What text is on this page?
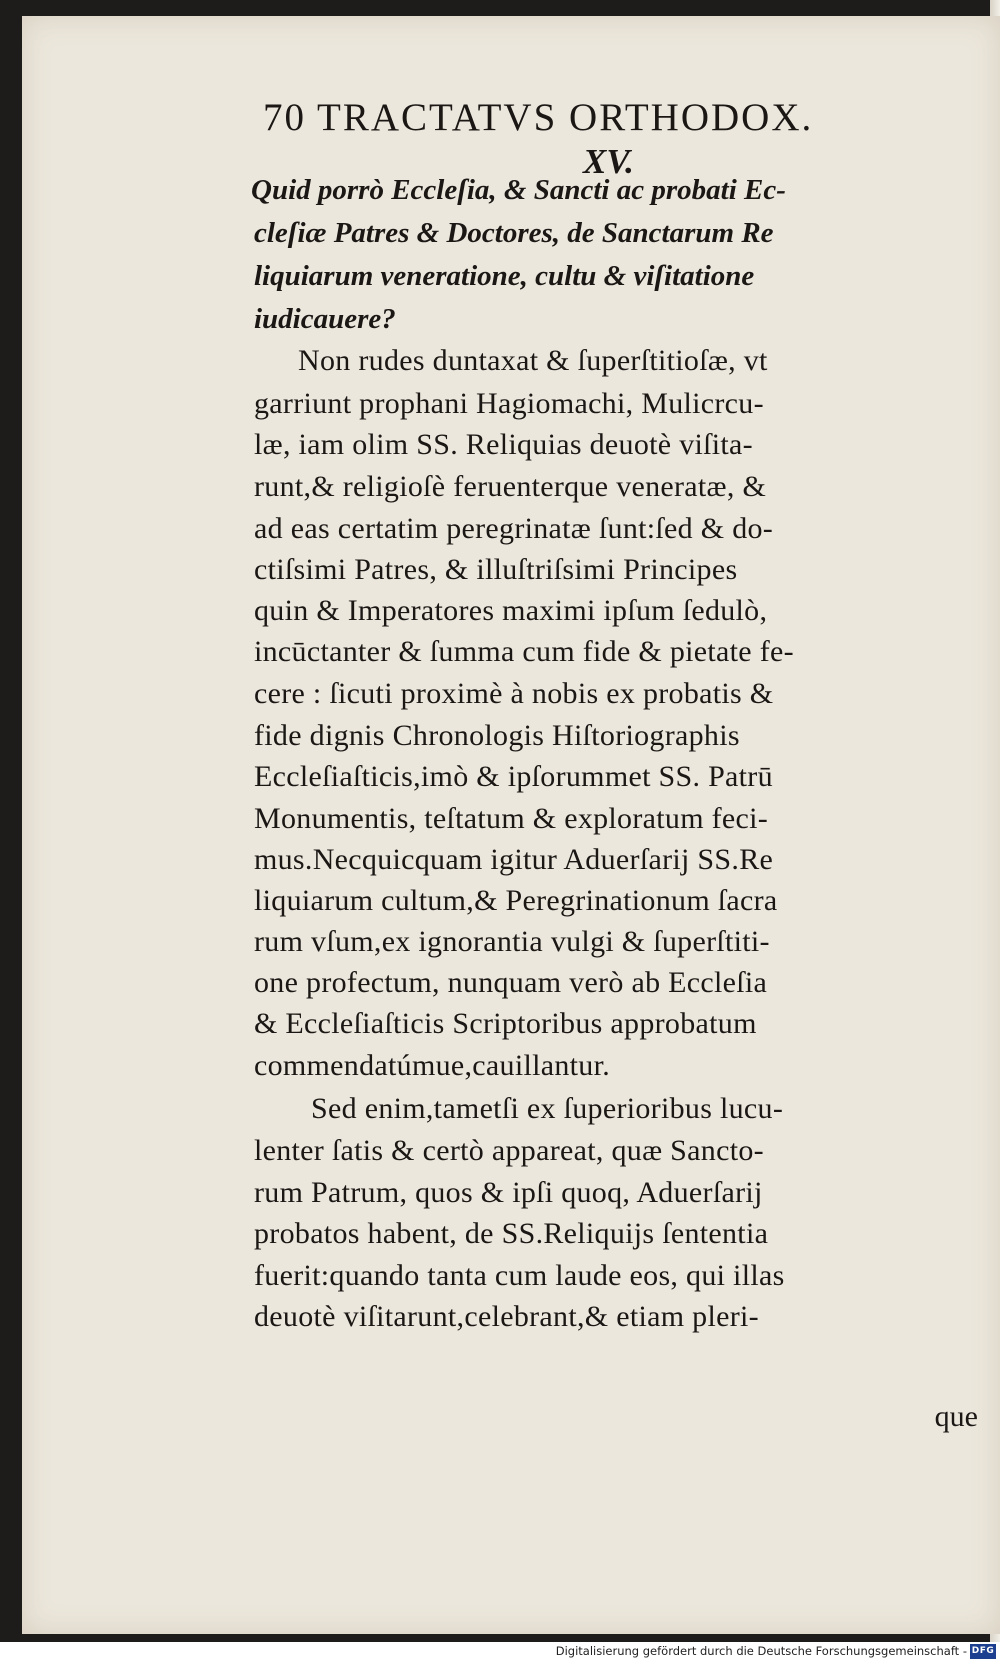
70 TRACTATVS ORTHODOX.
XV.
Quid porrò Eccleſia, & Sancti ac probati Ec-
cleſiæ Patres & Doctores, de Sanctarum Re
liquiarum veneratione, cultu & viſitatione
iudicauere?
Non rudes duntaxat & ſuperſtitioſæ, vt
garriunt prophani Hagiomachi, Mulicrcu-
læ, iam olim SS. Reliquias deuotè viſita-
runt,& religioſè feruenterque veneratæ, &
ad eas certatim peregrinatæ ſunt:ſed & do-
ctiſsimi Patres, & illuſtriſsimi Principes
quin & Imperatores maximi ipſum ſedulò,
incūctanter & ſumma cum fide & pietate fe-
cere : ſicuti proximè à nobis ex probatis &
fide dignis Chronologis Hiſtoriographis
Eccleſiaſticis,imò & ipſorummet SS. Patrū
Monumentis, teſtatum & exploratum feci-
mus.Necquicquam igitur Aduerſarij SS.Re
liquiarum cultum,& Peregrinationum ſacra
rum vſum,ex ignorantia vulgi & ſuperſtiti-
one profectum, nunquam verò ab Eccleſia
& Eccleſiaſticis Scriptoribus approbatum
commendatúmue,cauillantur.
Sed enim,tametſi ex ſuperioribus lucu-
lenter ſatis & certò appareat, quæ Sancto-
rum Patrum, quos & ipſi quoq, Aduerſarij
probatos habent, de SS.Reliquijs ſententia
fuerit:quando tanta cum laude eos, qui illas
deuotè viſitarunt,celebrant,& etiam pleri-
que
Digitalisierung gefördert durch die Deutsche Forschungsgemeinschaft - DFG
